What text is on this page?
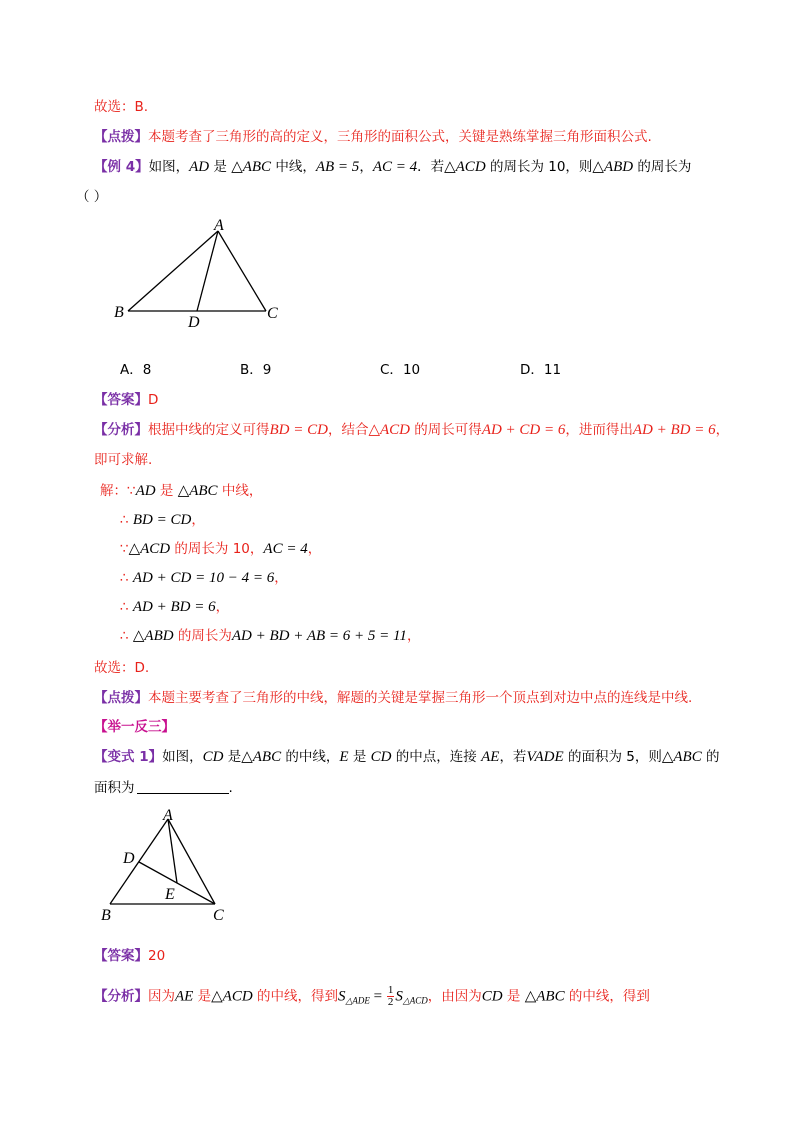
故选：B.
【点拨】本题考查了三角形的高的定义，三角形的面积公式，关键是熟练掌握三角形面积公式.
【例 4】如图，AD 是 △ABC 中线，AB = 5，AC = 4．若△ACD 的周长为 10，则△ABD 的周长为
（ ）
A
B	C
D
A．8	B．9	C．10	D．11
【答案】D
【分析】根据中线的定义可得BD = CD，结合△ACD 的周长可得AD + CD = 6，进而得出AD + BD = 6，
即可求解.
解：∵AD 是 △ABC 中线，
∴ BD = CD，
∵△ACD 的周长为 10，AC = 4，
∴ AD + CD = 10 − 4 = 6，
∴ AD + BD = 6，
∴ △ABD 的周长为AD + BD + AB = 6 + 5 = 11，
故选：D.
【点拨】本题主要考查了三角形的中线，解题的关键是掌握三角形一个顶点到对边中点的连线是中线.
【举一反三】
【变式 1】如图，CD 是△ABC 的中线，E 是 CD 的中点，连接 AE，若VADE 的面积为 5，则△ABC 的
面积为	.
A
B	C
D
E
【答案】20
【分析】因为AE 是△ACD 的中线，得到$S_{\triangle ADE} = \frac{1}{2} S_{\triangle ACD}$，由因为CD 是 △ABC 的中线，得到
